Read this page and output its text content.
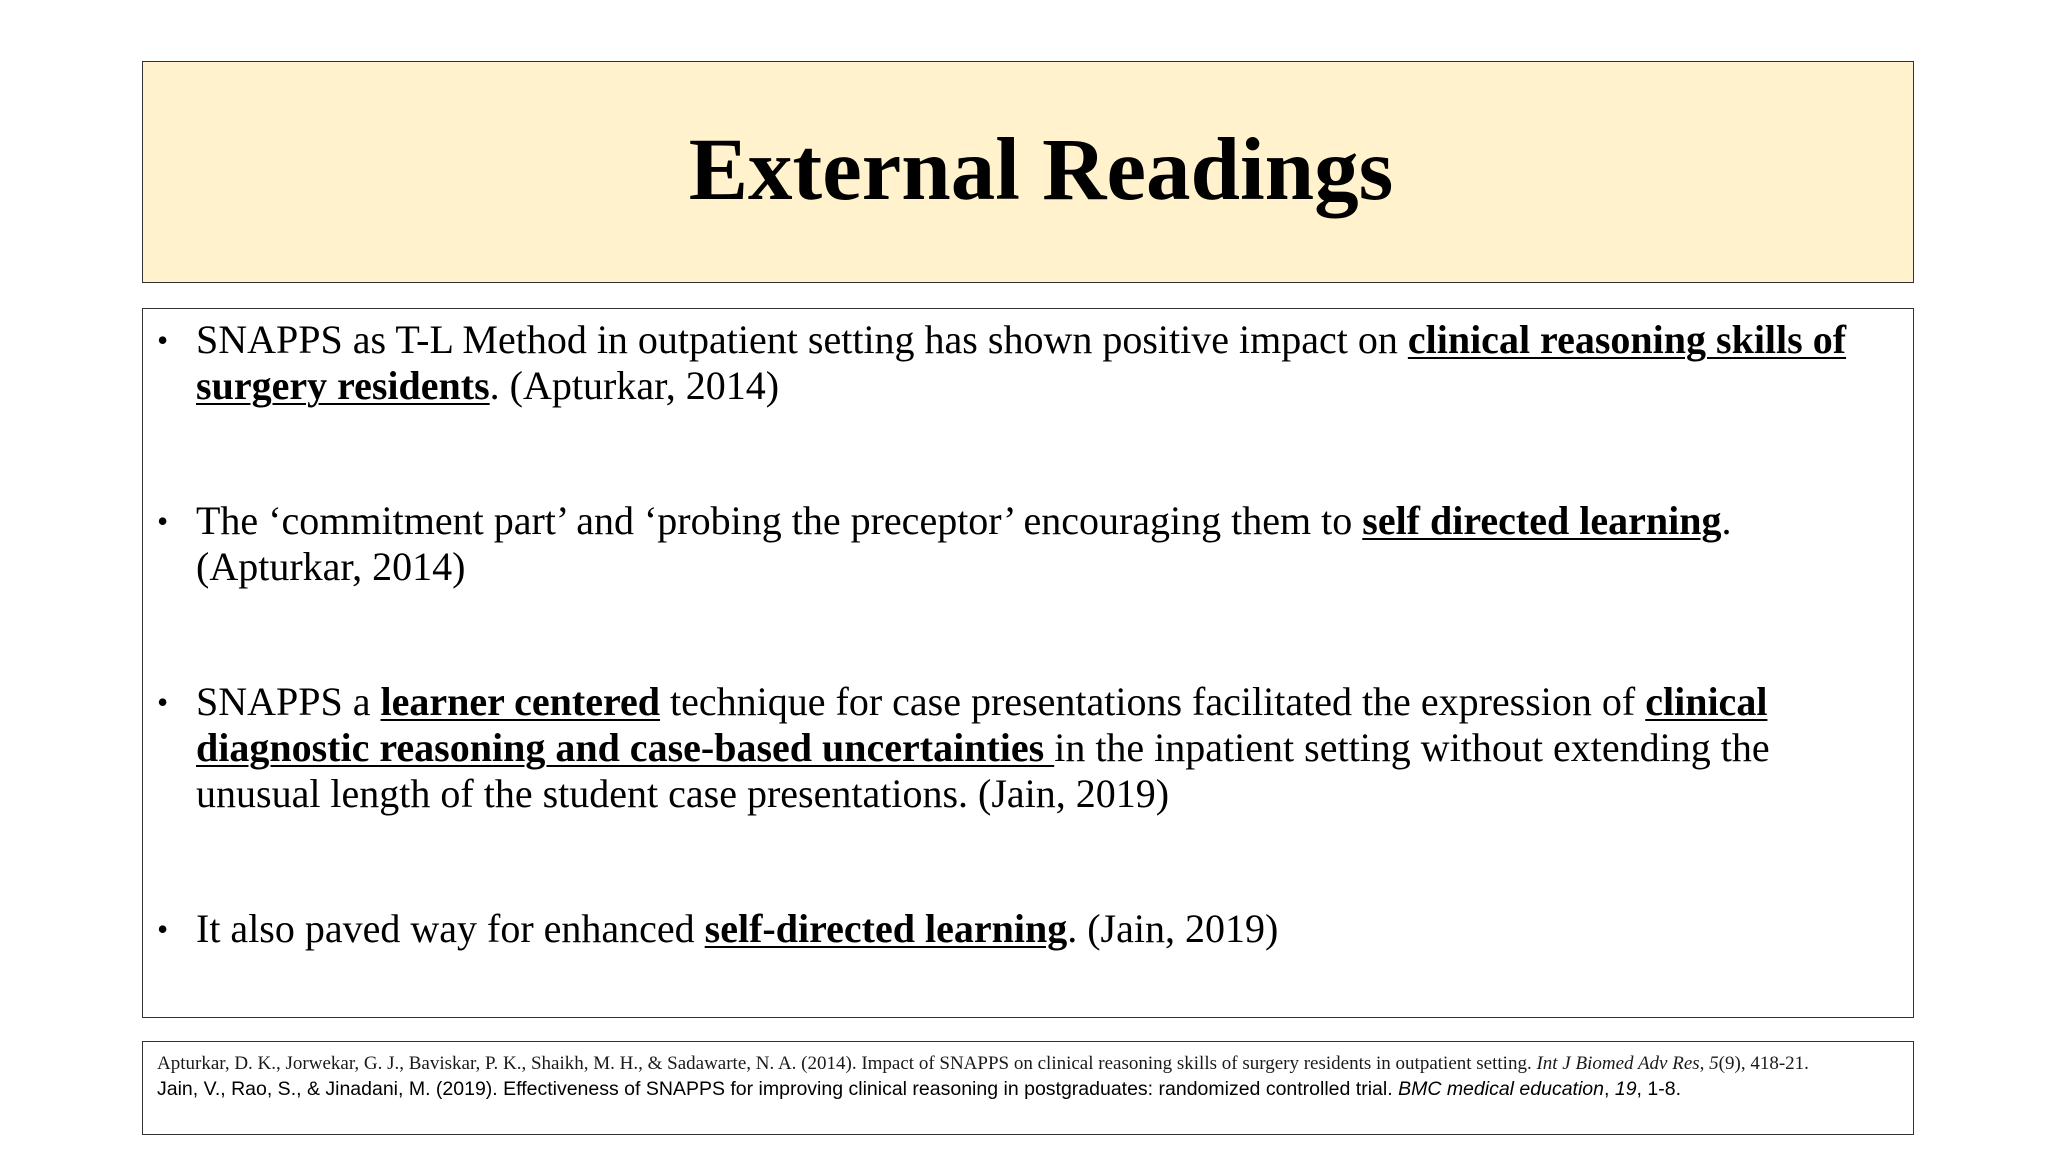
External Readings
• SNAPPS as T-L Method in outpatient setting has shown positive impact on clinical reasoning skills of surgery residents. (Apturkar, 2014)
• The ‘commitment part’ and ‘probing the preceptor’ encouraging them to self directed learning. (Apturkar, 2014)
• SNAPPS a learner centered technique for case presentations facilitated the expression of clinical diagnostic reasoning and case-based uncertainties in the inpatient setting without extending the unusual length of the student case presentations. (Jain, 2019)
• It also paved way for enhanced self-directed learning. (Jain, 2019)

Apturkar, D. K., Jorwekar, G. J., Baviskar, P. K., Shaikh, M. H., & Sadawarte, N. A. (2014). Impact of SNAPPS on clinical reasoning skills of surgery residents in outpatient setting. Int J Biomed Adv Res, 5(9), 418-21.

Jain, V., Rao, S., & Jinadani, M. (2019). Effectiveness of SNAPPS for improving clinical reasoning in postgraduates: randomized controlled trial. BMC medical education, 19, 1-8.
